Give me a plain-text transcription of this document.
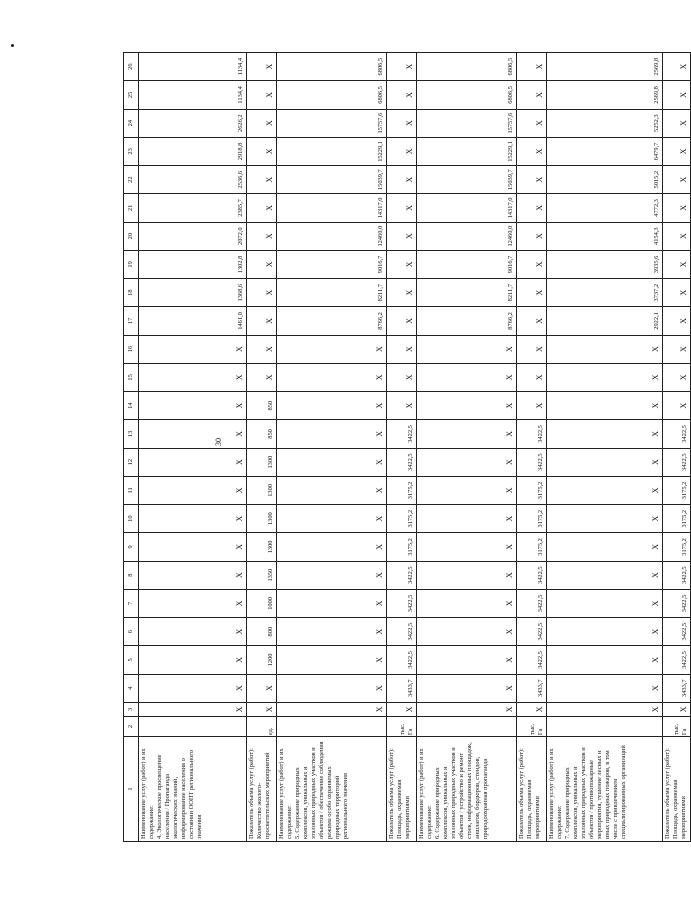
30
1	2	3	4	5	6	7	8	9	10	11	12	13	14	15	16	17	18	19	20	21	22	23	24	25	26
Наименование услуг (работ) и их содержание:
4. Экологическое просвещение населения / Пропаганда экологических знаний, информирование населения о состоянии ООПТ регионального значения		X	X	X	X	X	X	X	X	X	X	X	X	X	X	1461,0	1368,6	1302,8	2072,0	2385,7	2536,6	2918,8	2626,2	1134,4	1134,4
Показатель объема услуг (работ): Количество эколого-просветительских мероприятий	ед.	X	X	1200	800	1000	1350	1300	1300	1300	1300	850	850	X	X	X	X	X	X	X	X	X	X	X	X
Наименование услуг (работ) и их содержание:
5. Содержание природных комплексов, уникальных и эталонных природных участков и объектов / обеспечение соблюдения режима особо охраняемых природных территорий регионального значения		X	X	X	X	X	X	X	X	X	X	X	X	X	X	8766,2	8211,7	9016,7	12460,0	14317,0	15039,7	15229,1	15757,6	6806,5	6806,5
Показатель объема услуг (работ): Площадь, охраняемая мероприятиями	тыс. Га	X	3433,7	3422,5	3422,5	3422,5	3422,5	3175,2	3175,2	3175,2	3422,5	3422,5	X	X	X	X	X	X	X	X	X	X	X	X	X
Наименование услуг (работ) и их содержание:
6. Содержание природных комплексов, уникальных и эталонных природных участков и объектов / устройство и ремонт стоек, информационных площадок, аншлагов, бордюров, стендов, природоохранная пропаганда		X	X	X	X	X	X	X	X	X	X	X	X	X	X	8766,2	8211,7	9016,7	12460,0	14317,0	15039,7	15229,1	15757,6	6806,5	6806,5
Показатель объема услуг (работ): Площадь, охраняемая мероприятиями	тыс. Га	X	3433,7	3422,5	3422,5	3422,5	3422,5	3175,2	3175,2	3175,2	3422,5	3422,5	X	X	X	X	X	X	X	X	X	X	X	X	X
Наименование услуг (работ) и их содержание:
7. Содержание природных комплексов, уникальных и эталонных природных участков и объектов / противопожарные мероприятия, тушение лесных и иных природных пожаров, в том числе с привлечением специализированных организаций		X	X	X	X	X	X	X	X	X	X	X	X	X	X	2922,1	3737,2	3935,6	4154,3	4772,3	5015,2	6479,7	5252,3	2569,8	2569,8
Показатель объема услуг (работ): Площадь, охраняемая мероприятиями	тыс. Га	X	3433,7	3422,5	3422,5	3422,5	3422,5	3175,2	3175,2	3175,2	3422,5	3422,5	X	X	X	X	X	X	X	X	X	X	X	X	X
